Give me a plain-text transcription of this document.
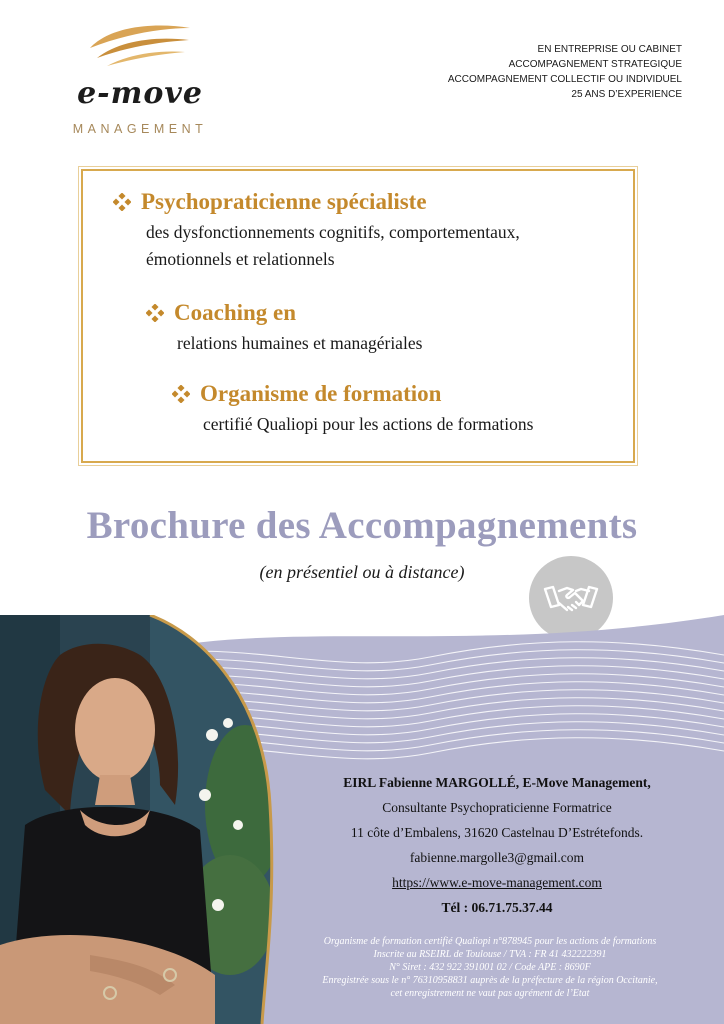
e-move
MANAGEMENT
EN ENTREPRISE OU CABINET
ACCOMPAGNEMENT STRATEGIQUE
ACCOMPAGNEMENT COLLECTIF OU INDIVIDUEL
25 ANS D’EXPERIENCE
Psychopraticienne spécialiste
des dysfonctionnements cognitifs, comportementaux,
émotionnels et relationnels
Coaching en
relations humaines et managériales
Organisme de formation
certifié Qualiopi pour les actions de formations
Brochure des Accompagnements
(en présentiel ou à distance)
EIRL Fabienne MARGOLLÉ, E-Move Management,
Consultante Psychopraticienne Formatrice
11 côte d’Embalens, 31620 Castelnau D’Estrétefonds.
fabienne.margolle3@gmail.com
https://www.e-move-management.com
Tél : 06.71.75.37.44
Organisme de formation certifié Qualiopi n°878945 pour les actions de formations
Inscrite au RSEIRL de Toulouse / TVA : FR 41 432222391
N° Siret : 432 922 391001 02 / Code APE : 8690F
Enregistrée sous le n° 76310958831 auprès de la préfecture de la région Occitanie,
cet enregistrement ne vaut pas agrément de l’Etat
